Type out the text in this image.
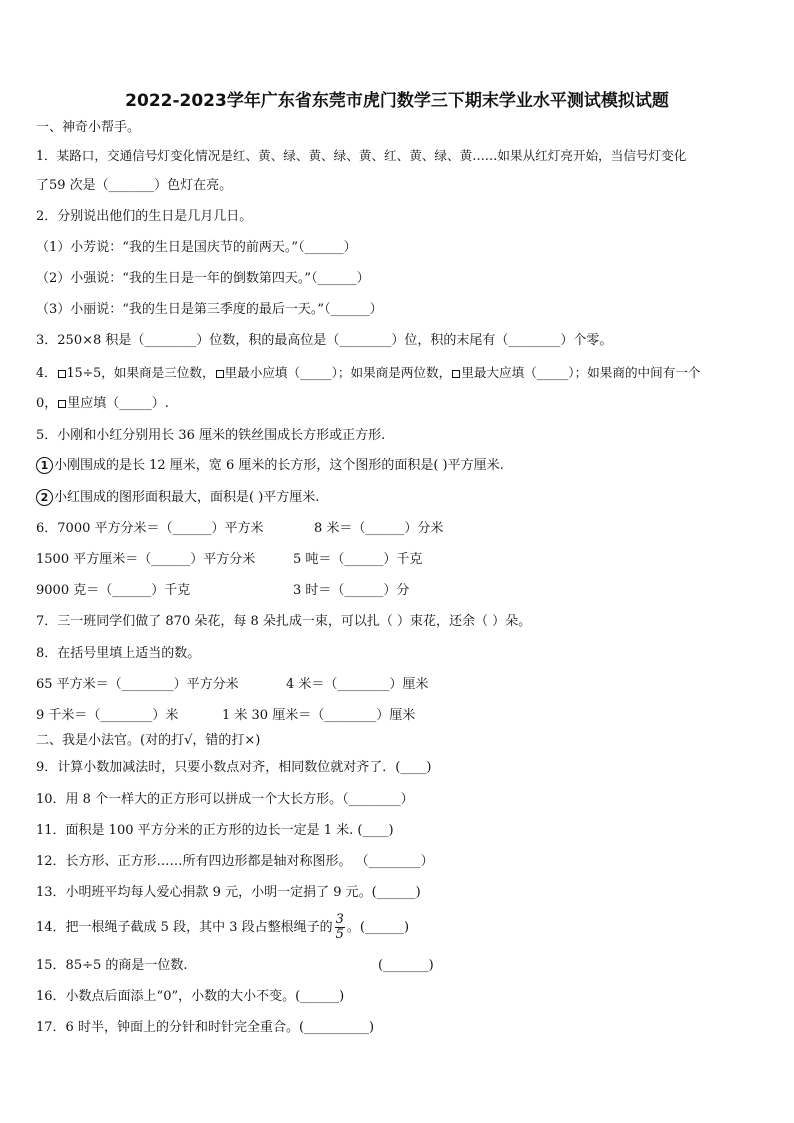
2022-2023学年广东省东莞市虎门数学三下期末学业水平测试模拟试题
一、神奇小帮手。
1．某路口，交通信号灯变化情况是红、黄、绿、黄、绿、黄、红、黄、绿、黄……如果从红灯亮开始，当信号灯变化
了59 次是（_______）色灯在亮。
2．分别说出他们的生日是几月几日。
（1）小芳说：“我的生日是国庆节的前两天。”（______）
（2）小强说：“我的生日是一年的倒数第四天。”（______）
（3）小丽说：“我的生日是第三季度的最后一天。”（______）
3．250×8 积是（________）位数，积的最高位是（________）位，积的末尾有（________）个零。
4． 15÷5，如果商是三位数， 里最小应填（_____）；如果商是两位数， 里最大应填（_____）；如果商的中间有一个
0， 里应填（_____）.
5．小刚和小红分别用长 36 厘米的铁丝围成长方形或正方形.
1 小刚围成的是长 12 厘米，宽 6 厘米的长方形，这个图形的面积是( )平方厘米.
2 小红围成的图形面积最大，面积是( )平方厘米.
6．7000 平方分米＝（______）平方米	8 米＝（______）分米
1500 平方厘米＝（______）平方分米	5 吨＝（______）千克
9000 克＝（______）千克	3 时＝（______）分
7．三一班同学们做了 870 朵花，每 8 朵扎成一束，可以扎（ ）束花，还余（ ）朵。
8．在括号里填上适当的数。
65 平方米＝（________）平方分米	4 米＝（________）厘米
9 千米＝（________）米	1 米 30 厘米＝（________）厘米
二、我是小法官。(对的打√，错的打×)
9．计算小数加减法时，只要小数点对齐，相同数位就对齐了．(____)
10．用 8 个一样大的正方形可以拼成一个大长方形。（________）
11．面积是 100 平方分米的正方形的边长一定是 1 米. (____)
12．长方形、正方形……所有四边形都是轴对称图形。 （________）
13．小明班平均每人爱心捐款 9 元，小明一定捐了 9 元。(______)
14．把一根绳子截成 5 段，其中 3 段占整根绳子的 $\frac{3}{5}$ 。(______)
15．85÷5 的商是一位数.	(_______)
16．小数点后面添上“0”，小数的大小不变。(______)
17．6 时半，钟面上的分针和时针完全重合。(__________)
